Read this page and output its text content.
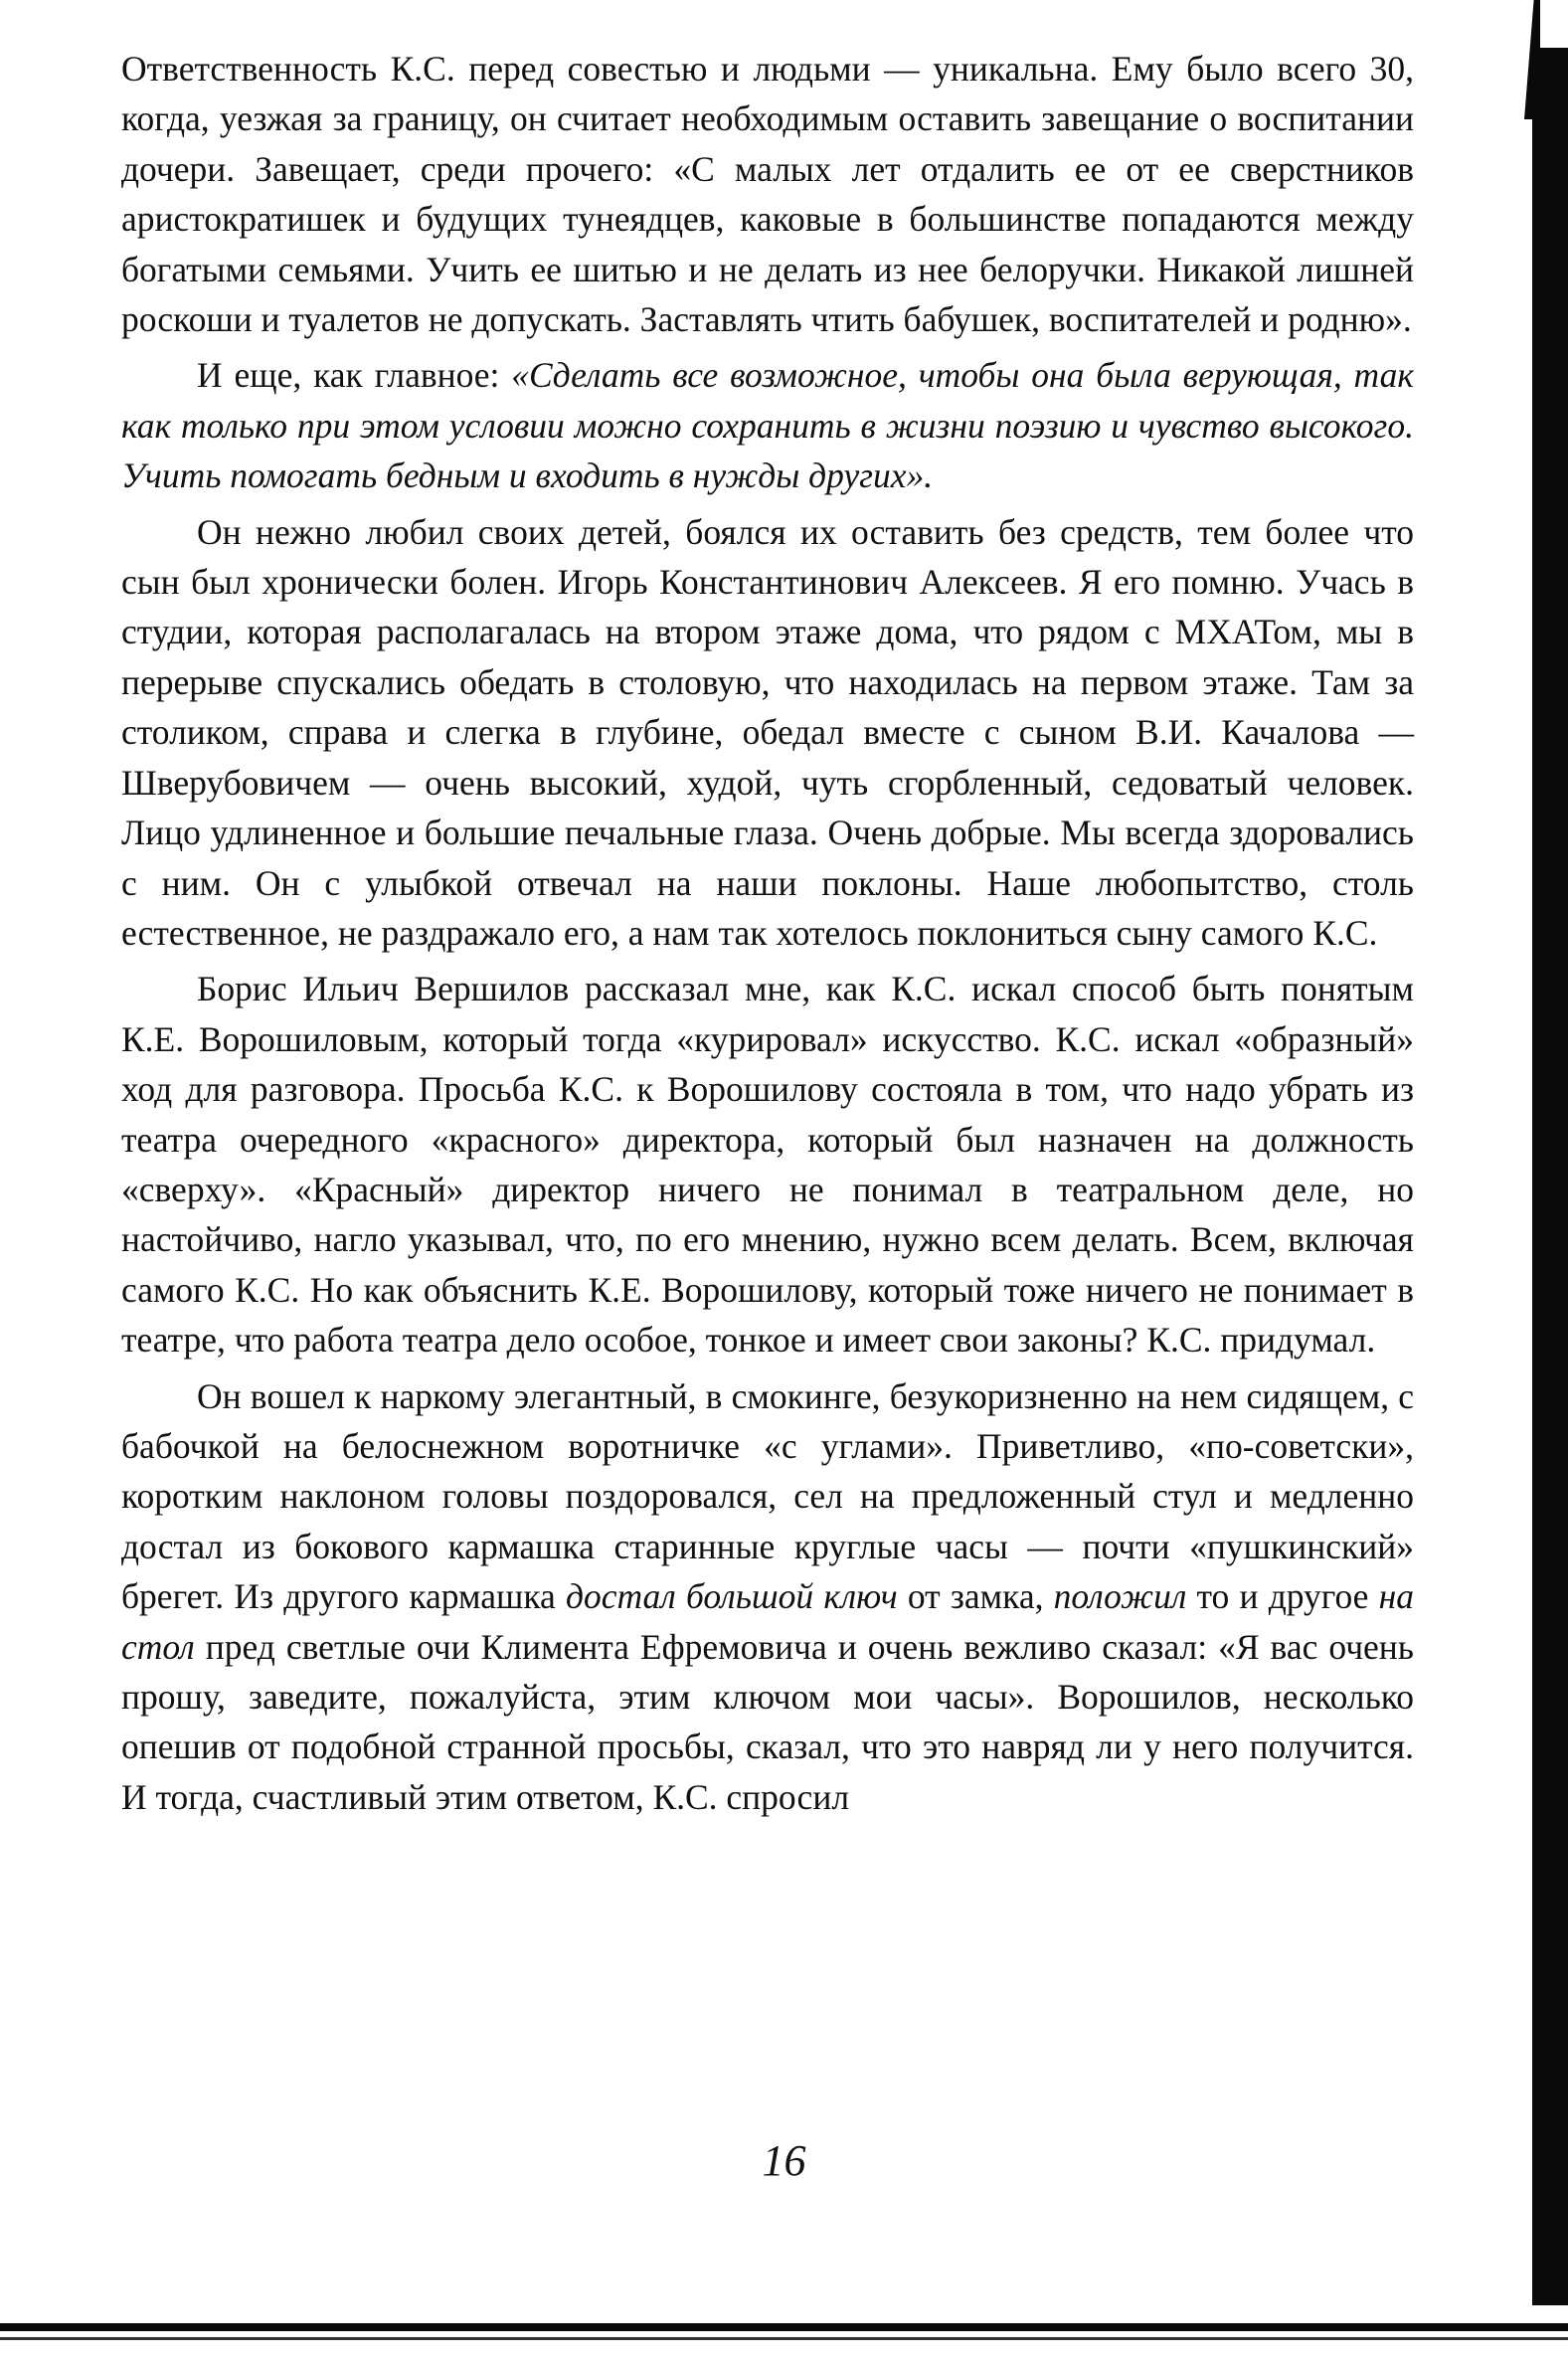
Ответственность К.С. перед совестью и людьми — уникальна. Ему было всего 30, когда, уезжая за границу, он считает необходимым оставить завещание о воспитании дочери. Завещает, среди прочего: «С малых лет отдалить ее от ее сверстников аристократишек и будущих тунеядцев, каковые в большинстве попадаются между богатыми семьями. Учить ее шитью и не делать из нее белоручки. Никакой лишней роскоши и туалетов не допускать. Заставлять чтить бабушек, воспитателей и родню».

И еще, как главное: «Сделать все возможное, чтобы она была верующая, так как только при этом условии можно сохранить в жизни поэзию и чувство высокого. Учить помогать бедным и входить в нужды других».

Он нежно любил своих детей, боялся их оставить без средств, тем более что сын был хронически болен. Игорь Константинович Алексеев. Я его помню. Учась в студии, которая располагалась на втором этаже дома, что рядом с МХАТом, мы в перерыве спускались обедать в столовую, что находилась на первом этаже. Там за столиком, справа и слегка в глубине, обедал вместе с сыном В.И. Качалова — Шверубовичем — очень высокий, худой, чуть сгорбленный, седоватый человек. Лицо удлиненное и большие печальные глаза. Очень добрые. Мы всегда здоровались с ним. Он с улыбкой отвечал на наши поклоны. Наше любопытство, столь естественное, не раздражало его, а нам так хотелось поклониться сыну самого К.С.

Борис Ильич Вершилов рассказал мне, как К.С. искал способ быть понятым К.Е. Ворошиловым, который тогда «курировал» искусство. К.С. искал «образный» ход для разговора. Просьба К.С. к Ворошилову состояла в том, что надо убрать из театра очередного «красного» директора, который был назначен на должность «сверху». «Красный» директор ничего не понимал в театральном деле, но настойчиво, нагло указывал, что, по его мнению, нужно всем делать. Всем, включая самого К.С. Но как объяснить К.Е. Ворошилову, который тоже ничего не понимает в театре, что работа театра дело особое, тонкое и имеет свои законы? К.С. придумал.

Он вошел к наркому элегантный, в смокинге, безукоризненно на нем сидящем, с бабочкой на белоснежном воротничке «с углами». Приветливо, «по-советски», коротким наклоном головы поздоровался, сел на предложенный стул и медленно достал из бокового кармашка старинные круглые часы — почти «пушкинский» брегет. Из другого кармашка достал большой ключ от замка, положил то и другое на стол пред светлые очи Климента Ефремовича и очень вежливо сказал: «Я вас очень прошу, заведите, пожалуйста, этим ключом мои часы». Ворошилов, несколько опешив от подобной странной просьбы, сказал, что это навряд ли у него получится. И тогда, счастливый этим ответом, К.С. спросил

16
